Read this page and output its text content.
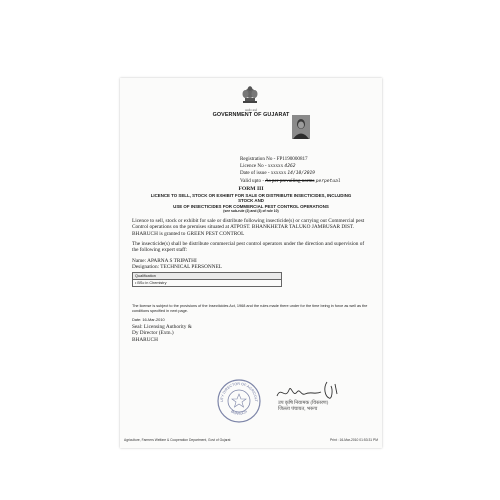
सत्यमेव जयते
GOVERNMENT OF GUJARAT
Registration No - FP1190000817
Licence No - xxxxxx 4262
Date of issue - xxxxxx 14/10/2019
Valid upto - As per prevailing norms perpetual
FORM III
LICENCE TO SELL, STOCK OR EXHIBIT FOR SALE OR DISTRIBUTE INSECTICIDES, INCLUDING
STOCK AND
USE OF INSECTICIDES FOR COMMERCIAL PEST CONTROL OPERATIONS
(see sub-rule (2) and (3) of rule 10)
Licence to sell, stock or exhibit for sale or distribute following insecticide(s) or carrying out Commercial pest Control operations on the premises situated at ATPOST. BHANKHETAR TALUKO JAMBUSAR DIST. BHARUCH is granted to GREEN PEST CONTROL
The insecticide(s) shall be distribute commercial pest control operators under the direction and supervision of the following expert staff:
Name: APARNA S TRIPATHI
Designation: TECHNICAL PERSONNEL
Qualification
• BSc in Chemistry
The license is subject to the provisions of the Insecticides Act, 1968 and the rules made there under for the time being in force as well as the conditions specified in next page.
Date: 16-Mar-2010
Seal: Licensing Authority &
Dy Director (Extn.)
BHARUCH
UTY DIRECTOR OF AGRICULT
BHARUCH
उप कृषि नियामक (विस्तरण)
जिल्ला पंचायत, भरूच
Agriculture, Farmers Welfare & Cooperation Department, Govt of Gujarat	Print : 16-Mar-2010 01:53:31 PM
